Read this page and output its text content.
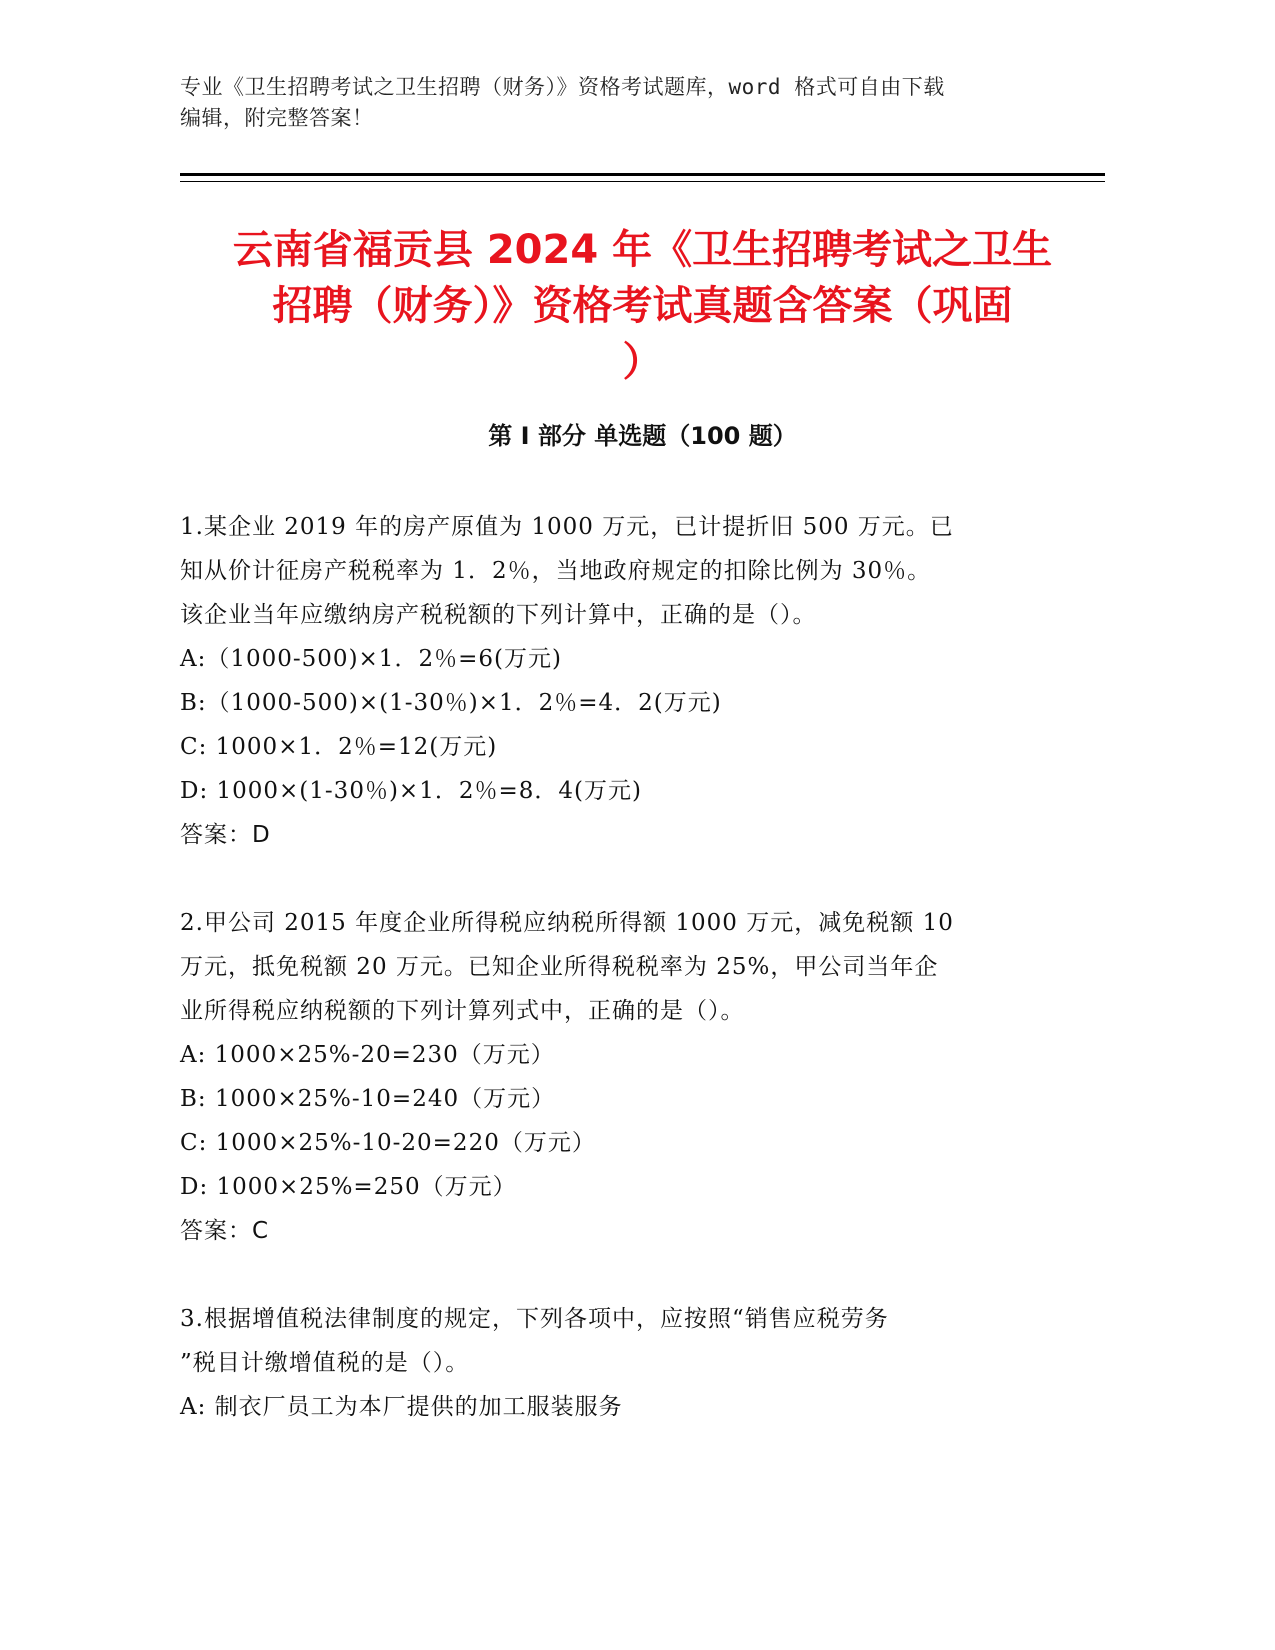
专业《卫生招聘考试之卫生招聘（财务）》资格考试题库，word 格式可自由下载
编辑，附完整答案！
云南省福贡县 2024 年《卫生招聘考试之卫生
招聘（财务）》资格考试真题含答案（巩固
）
第 I 部分 单选题（100 题）
1.某企业 2019 年的房产原值为 1000 万元，已计提折旧 500 万元。已
知从价计征房产税税率为 1．2％，当地政府规定的扣除比例为 30％。
该企业当年应缴纳房产税税额的下列计算中，正确的是（）。
A:（1000-500)×1．2％=6(万元)
B:（1000-500)×(1-30％)×1．2％=4．2(万元)
C: 1000×1．2％=12(万元)
D: 1000×(1-30％)×1．2％=8．4(万元)
答案：D
2.甲公司 2015 年度企业所得税应纳税所得额 1000 万元，减免税额 10
万元，抵免税额 20 万元。已知企业所得税税率为 25%，甲公司当年企
业所得税应纳税额的下列计算列式中，正确的是（）。
A: 1000×25%-20=230（万元）
B: 1000×25%-10=240（万元）
C: 1000×25%-10-20=220（万元）
D: 1000×25%=250（万元）
答案：C
3.根据增值税法律制度的规定，下列各项中，应按照“销售应税劳务
”税目计缴增值税的是（）。
A: 制衣厂员工为本厂提供的加工服装服务
